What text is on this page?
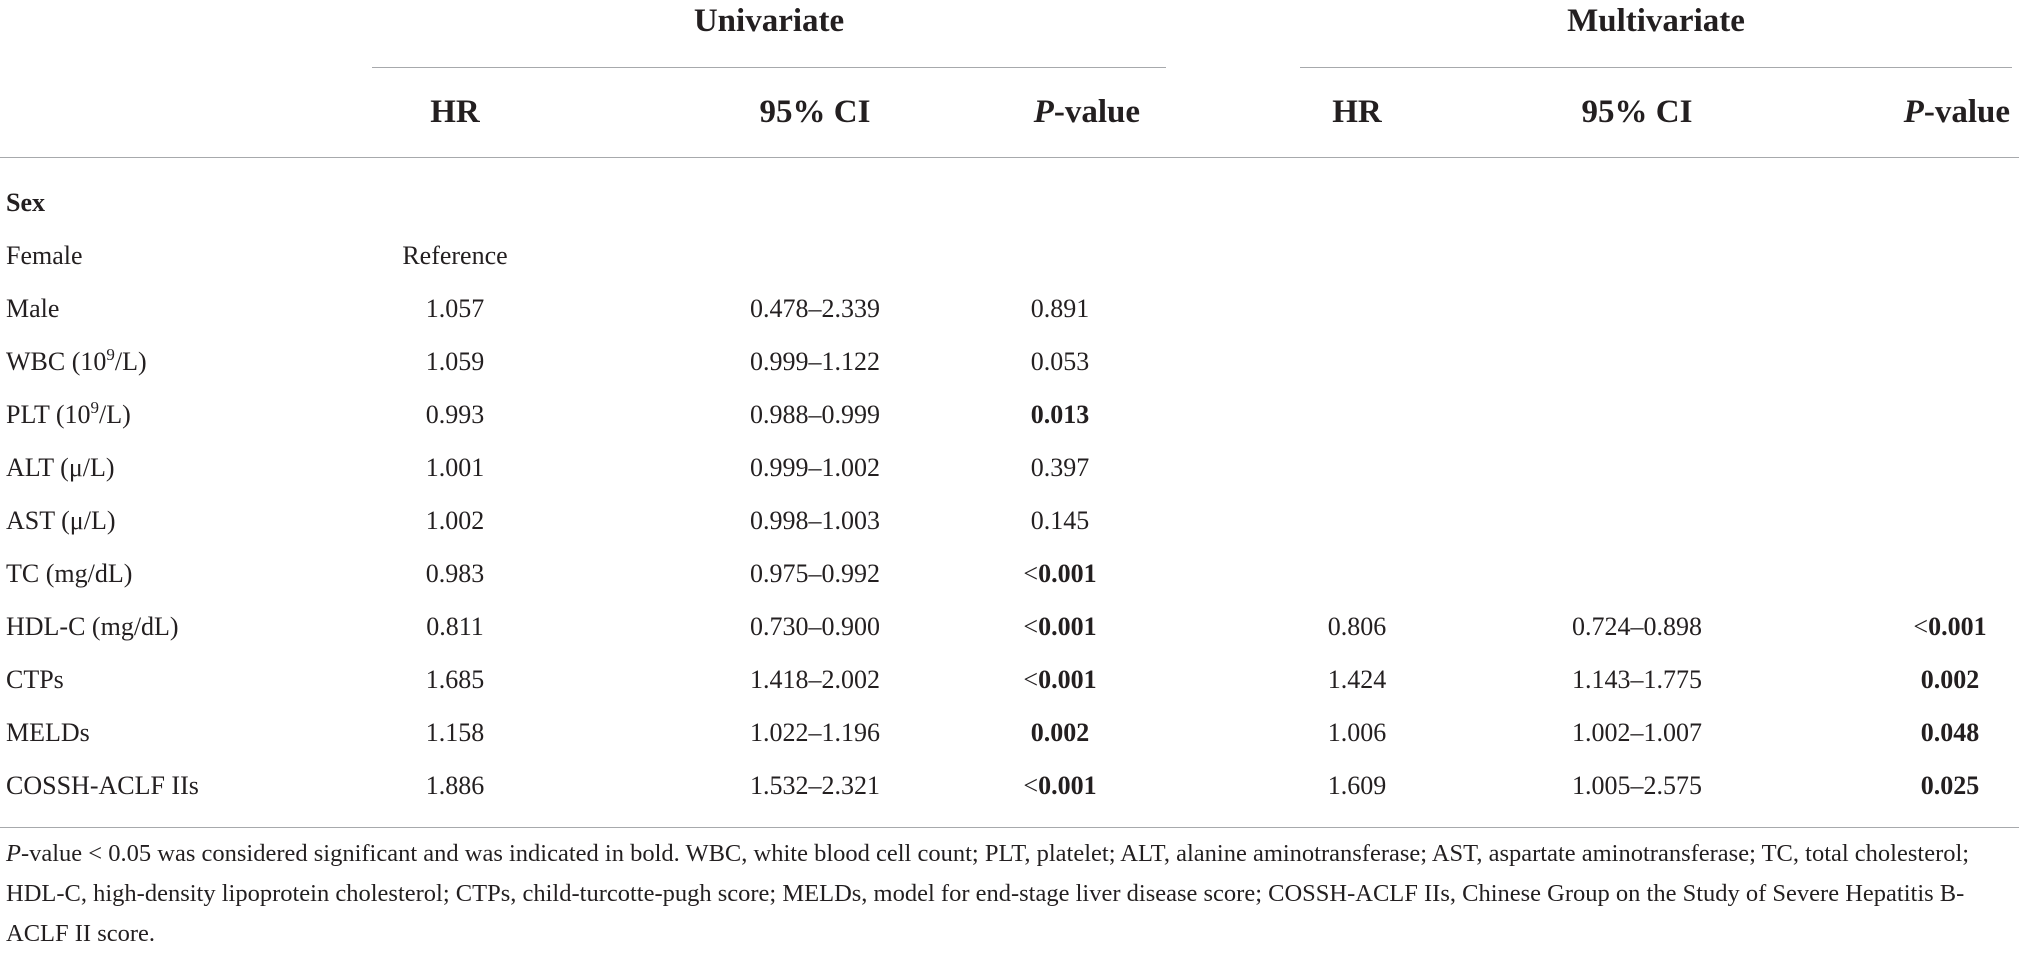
Univariate	Multivariate
HR	95% CI	P-value	HR	95% CI	P-value
Sex
Female	Reference
Male	1.057	0.478–2.339	0.891
WBC $(10^9/L)$	1.059	0.999–1.122	0.053
PLT $(10^9/L)$	0.993	0.988–0.999	0.013
ALT (μ/L)	1.001	0.999–1.002	0.397
AST (μ/L)	1.002	0.998–1.003	0.145
TC (mg/dL)	0.983	0.975–0.992	<0.001
HDL-C (mg/dL)	0.811	0.730–0.900	<0.001	0.806	0.724–0.898	<0.001
CTPs	1.685	1.418–2.002	<0.001	1.424	1.143–1.775	0.002
MELDs	1.158	1.022–1.196	0.002	1.006	1.002–1.007	0.048
COSSH-ACLF IIs	1.886	1.532–2.321	<0.001	1.609	1.005–2.575	0.025
P-value < 0.05 was considered significant and was indicated in bold. WBC, white blood cell count; PLT, platelet; ALT, alanine aminotransferase; AST, aspartate aminotransferase; TC, total cholesterol; HDL-C, high-density lipoprotein cholesterol; CTPs, child-turcotte-pugh score; MELDs, model for end-stage liver disease score; COSSH-ACLF IIs, Chinese Group on the Study of Severe Hepatitis B-ACLF II score.
